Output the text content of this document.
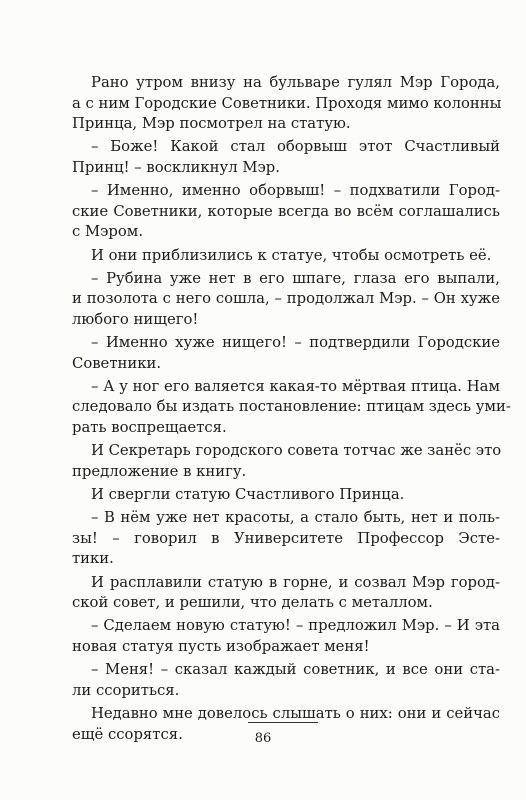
Рано утром внизу на бульваре гулял Мэр Города,
а с ним Городские Советники. Проходя мимо колонны
Принца, Мэр посмотрел на статую.

– Боже! Какой стал оборвыш этот Счастливый
Принц! – воскликнул Мэр.

– Именно, именно оборвыш! – подхватили Город-
ские Советники, которые всегда во всём соглашались
с Мэром.

И они приблизились к статуе, чтобы осмотреть её.

– Рубина уже нет в его шпаге, глаза его выпали,
и позолота с него сошла, – продолжал Мэр. – Он хуже
любого нищего!

– Именно хуже нищего! – подтвердили Городские
Советники.

– А у ног его валяется какая-то мёртвая птица. Нам
следовало бы издать постановление: птицам здесь уми-
рать воспрещается.

И Секретарь городского совета тотчас же занёс это
предложение в книгу.

И свергли статую Счастливого Принца.

– В нём уже нет красоты, а стало быть, нет и поль-
зы! – говорил в Университете Профессор Эсте-
тики.

И расплавили статую в горне, и созвал Мэр город-
ской совет, и решили, что делать с металлом.

– Сделаем новую статую! – предложил Мэр. – И эта
новая статуя пусть изображает меня!

– Меня! – сказал каждый советник, и все они ста-
ли ссориться.

Недавно мне довелось слышать о них: они и сейчас
ещё ссорятся.	86
